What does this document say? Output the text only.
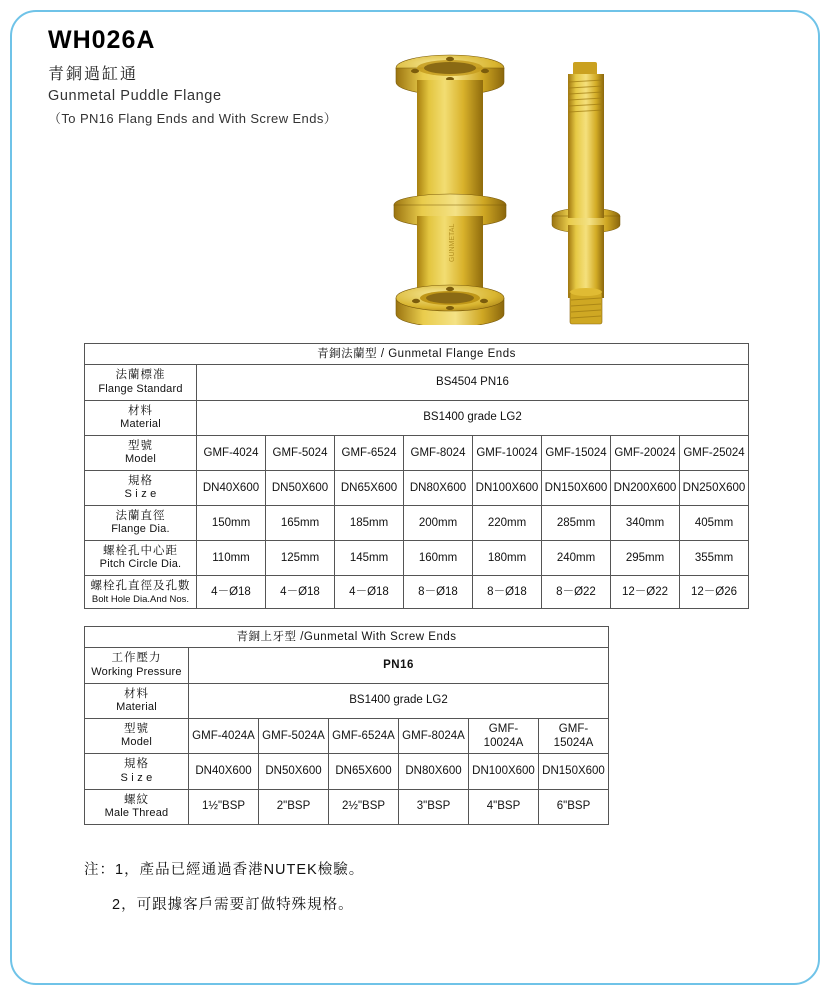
WH026A
青銅過缸通
Gunmetal Puddle Flange
（To PN16 Flang Ends and With Screw Ends）
GUNMETAL
青銅法蘭型 / Gunmetal Flange Ends								

法蘭標准
Flange Standard	BS4504 PN16							

材料
Material	BS1400 grade LG2							

型號
Model	GMF-4024	GMF-5024	GMF-6524	GMF-8024	GMF-10024	GMF-15024	GMF-20024	GMF-25024

規格
S i z e	DN40X600	DN50X600	DN65X600	DN80X600	DN100X600	DN150X600	DN200X600	DN250X600

法蘭直徑
Flange Dia.	150mm	165mm	185mm	200mm	220mm	285mm	340mm	405mm

螺栓孔中心距
Pitch Circle Dia.	110mm	125mm	145mm	160mm	180mm	240mm	295mm	355mm

螺栓孔直徑及孔數
Bolt Hole Dia.And Nos.	4－Ø18	4－Ø18	4－Ø18	8－Ø18	8－Ø18	8－Ø22	12－Ø22	12－Ø26
青銅上牙型 /Gunmetal With Screw Ends						

工作壓力
Working Pressure	PN16					

材料
Material	BS1400 grade LG2					

型號
Model	GMF-4024A	GMF-5024A	GMF-6524A	GMF-8024A	GMF-10024A	GMF-15024A

規格
S i z e	DN40X600	DN50X600	DN65X600	DN80X600	DN100X600	DN150X600

螺紋
Male Thread	1½"BSP	2"BSP	2½"BSP	3"BSP	4"BSP	6"BSP
注：1，產品已經通過香港NUTEK檢驗。
2，可跟據客戶需要訂做特殊規格。
